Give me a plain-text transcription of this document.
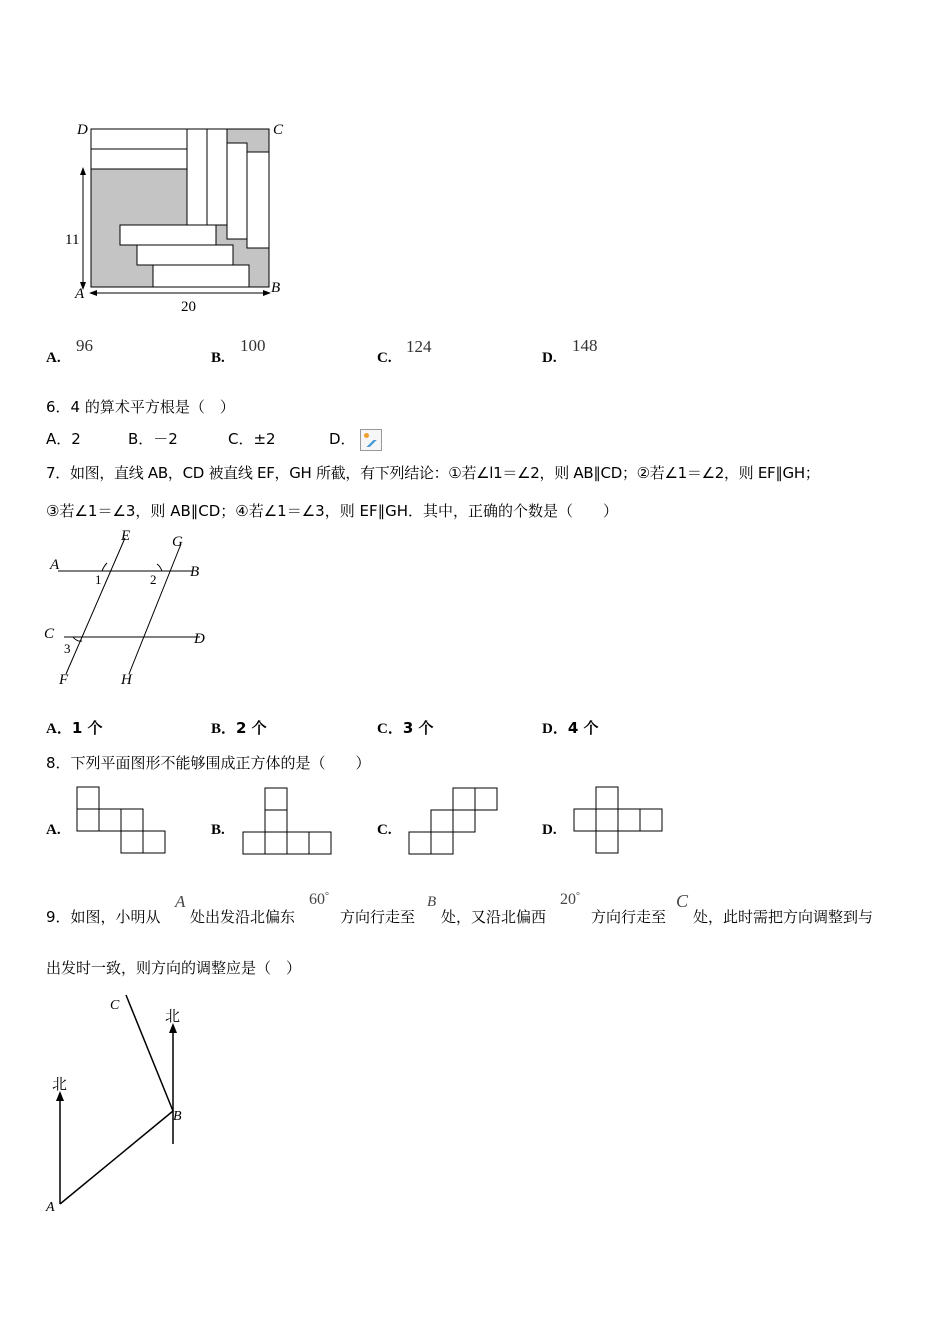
D	C
A	B
11
20
A.
96
B.
100
C.
124
D.
148
6．4 的算术平方根是（　）
A．2	B．－2	C．±2	D．
7．如图，直线 AB，CD 被直线 EF，GH 所截，有下列结论：①若∠l1＝∠2，则 AB∥CD；②若∠1＝∠2，则 EF∥GH；
③若∠1＝∠3，则 AB∥CD；④若∠1＝∠3，则 EF∥GH．其中，正确的个数是（　　）
A	B
C	D
E
F
G
H
1	2
3
A．1 个	B．2 个	C．3 个	D．4 个
8．下列平面图形不能够围成正方体的是（　　）
A.	B.	C.	D.
9．如图，小明从
A
处出发沿北偏东
60°
方向行走至
B
处，又沿北偏西
20°
方向行走至
C
处，此时需把方向调整到与
出发时一致，则方向的调整应是（　）
北
北
A
B
C
